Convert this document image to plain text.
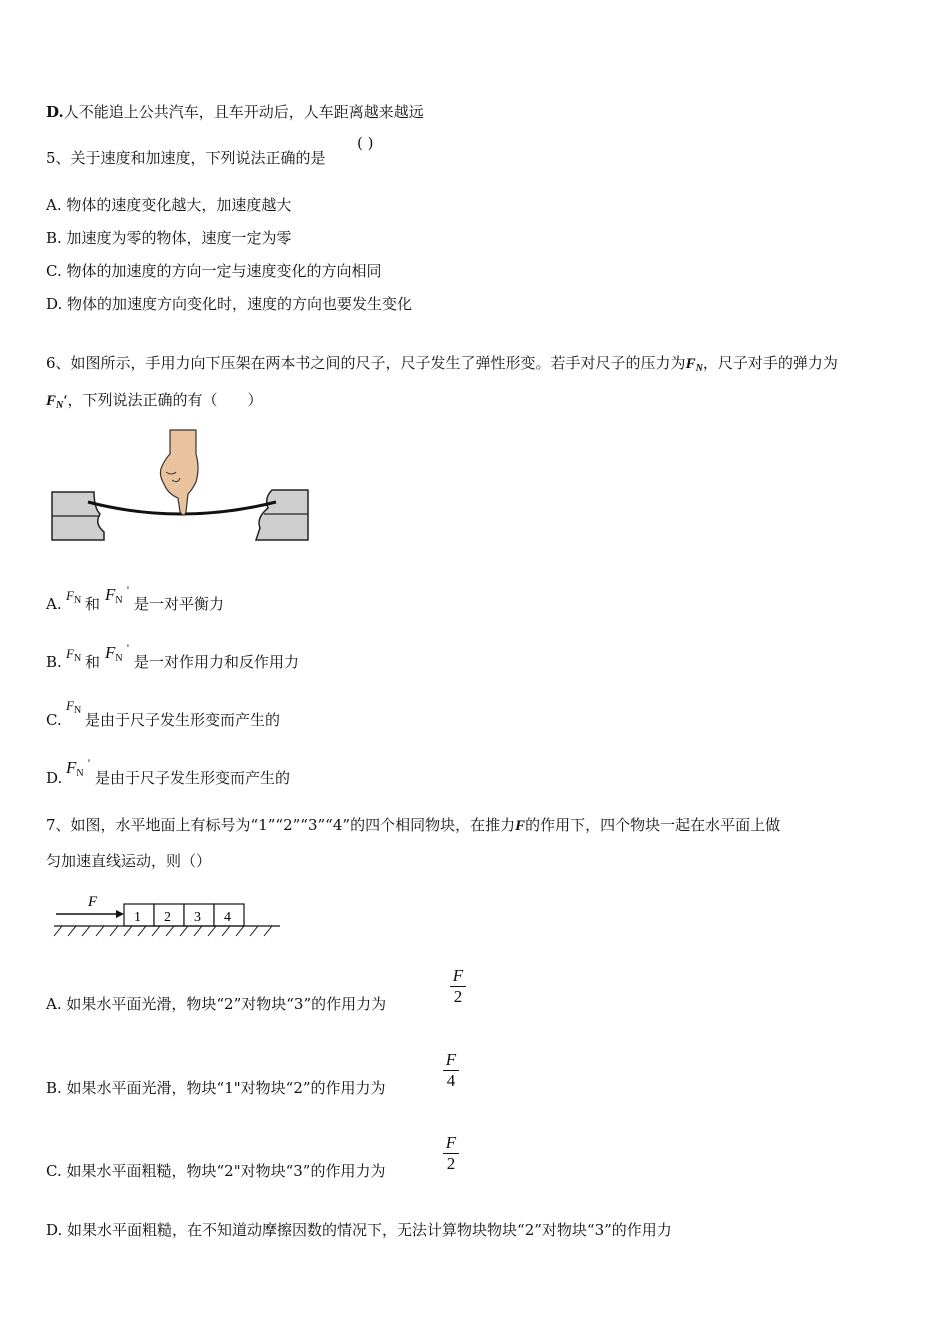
D.人不能追上公共汽车，且车开动后，人车距离越来越远
5、关于速度和加速度，下列说法正确的是
( )
A. 物体的速度变化越大，加速度越大
B. 加速度为零的物体，速度一定为零
C. 物体的加速度的方向一定与速度变化的方向相同
D. 物体的加速度方向变化时，速度的方向也要发生变化
6、如图所示，手用力向下压架在两本书之间的尺子，尺子发生了弹性形变。若手对尺子的压力为$F_N$，尺子对手的弹力为
$F_N'$，下列说法正确的有（　　）
A. $F_N$ 和 $F_N$ '
是一对平衡力
B. $F_N$ 和 $F_N$ '
是一对作用力和反作用力
C.
$F_N$
是由于尺子发生形变而产生的
D.
$F_N$ '
是由于尺子发生形变而产生的
7、如图，水平地面上有标号为“1”“2”“3”“4”的四个相同物块，在推力F的作用下，四个物块一起在水平面上做
匀加速直线运动，则（）
F
1 2 3 4
A. 如果水平面光滑，物块“2”对物块“3”的作用力为
F
2
B. 如果水平面光滑，物块“1"对物块“2”的作用力为
F
4
C. 如果水平面粗糙，物块“2"对物块“3”的作用力为
F
2
D. 如果水平面粗糙，在不知道动摩擦因数的情况下，无法计算物块物块“2”对物块“3”的作用力
